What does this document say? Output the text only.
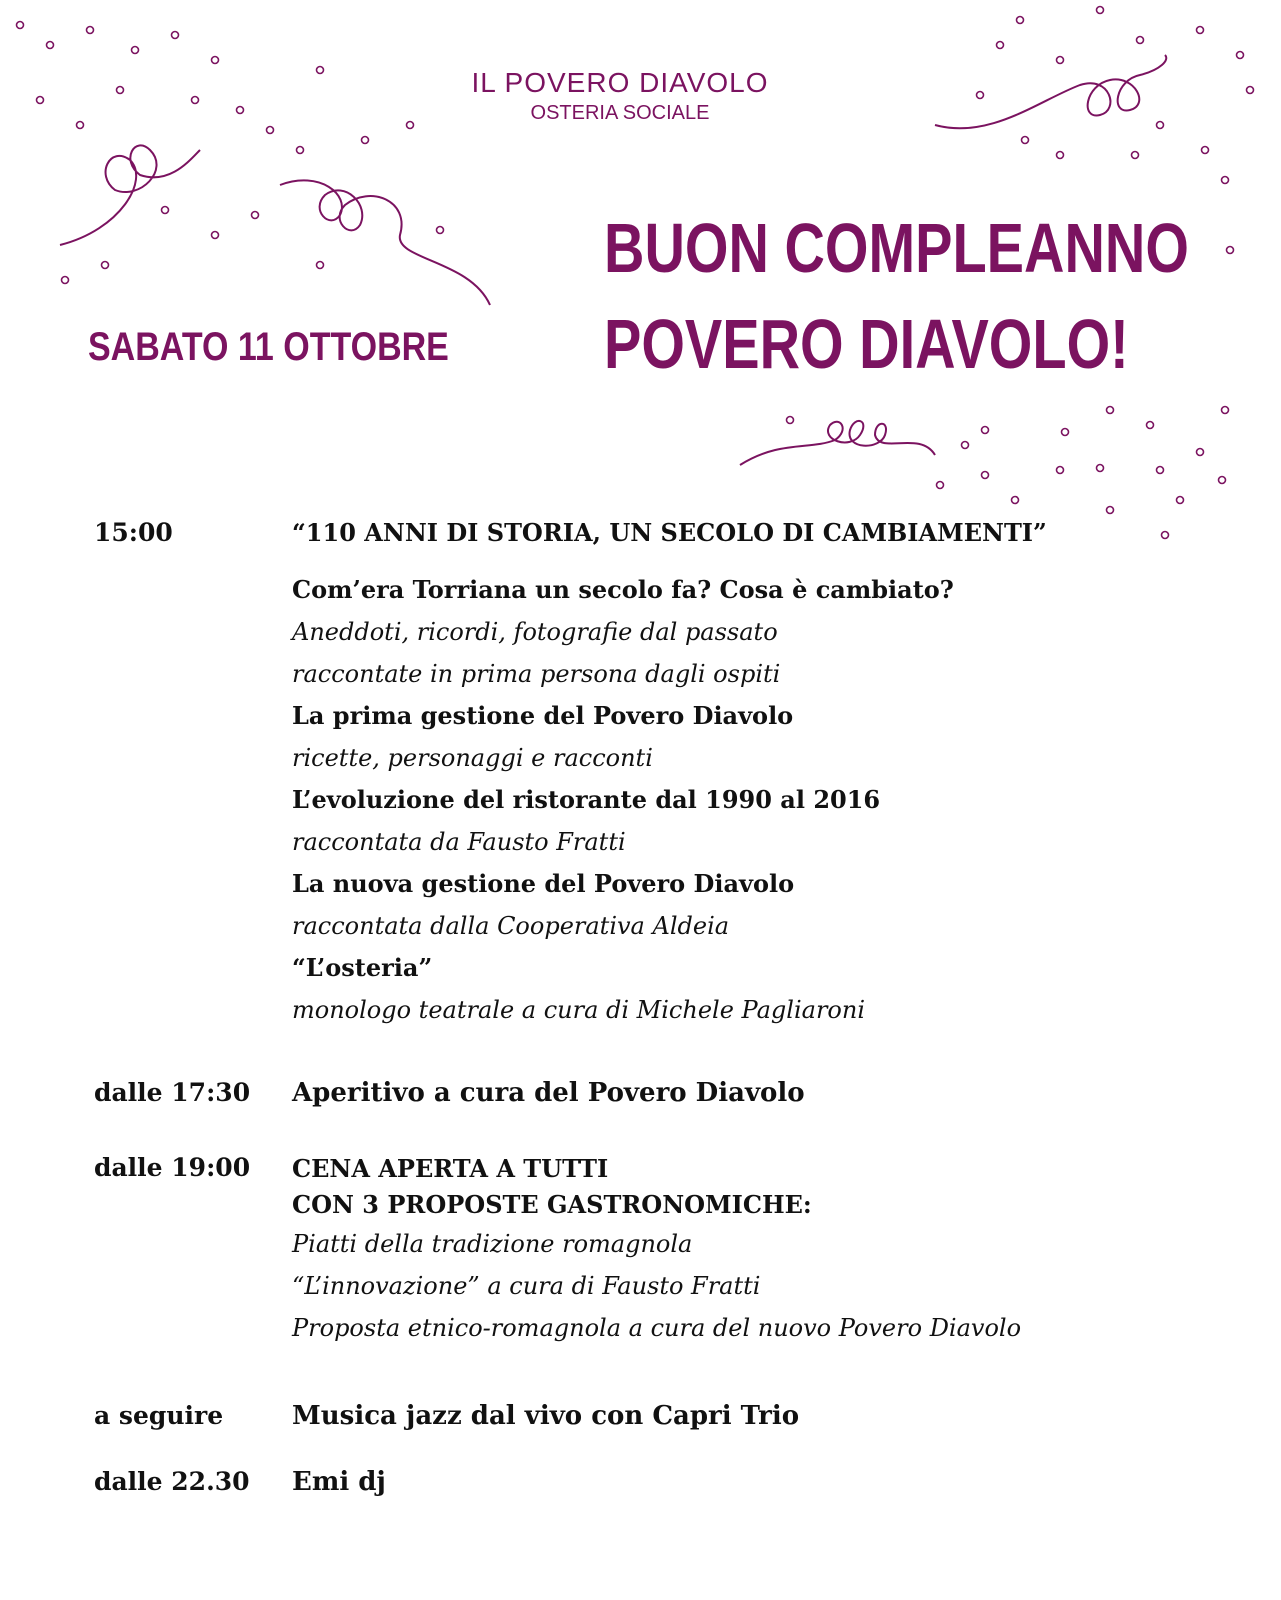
IL POVERO DIAVOLO
OSTERIA SOCIALE
BUON COMPLEANNO
POVERO DIAVOLO!
SABATO 11 OTTOBRE
15:00	“110 ANNI DI STORIA, UN SECOLO DI CAMBIAMENTI”
Com’era Torriana un secolo fa? Cosa è cambiato?
Aneddoti, ricordi, fotografie dal passato
raccontate in prima persona dagli ospiti
La prima gestione del Povero Diavolo
ricette, personaggi e racconti
L’evoluzione del ristorante dal 1990 al 2016
raccontata da Fausto Fratti
La nuova gestione del Povero Diavolo
raccontata dalla Cooperativa Aldeia
“L’osteria”
monologo teatrale a cura di Michele Pagliaroni
dalle 17:30	Aperitivo a cura del Povero Diavolo
dalle 19:00	CENA APERTA A TUTTI
CON 3 PROPOSTE GASTRONOMICHE:
Piatti della tradizione romagnola
“L’innovazione” a cura di Fausto Fratti
Proposta etnico-romagnola a cura del nuovo Povero Diavolo
a seguire	Musica jazz dal vivo con Capri Trio
dalle 22.30	Emi dj
